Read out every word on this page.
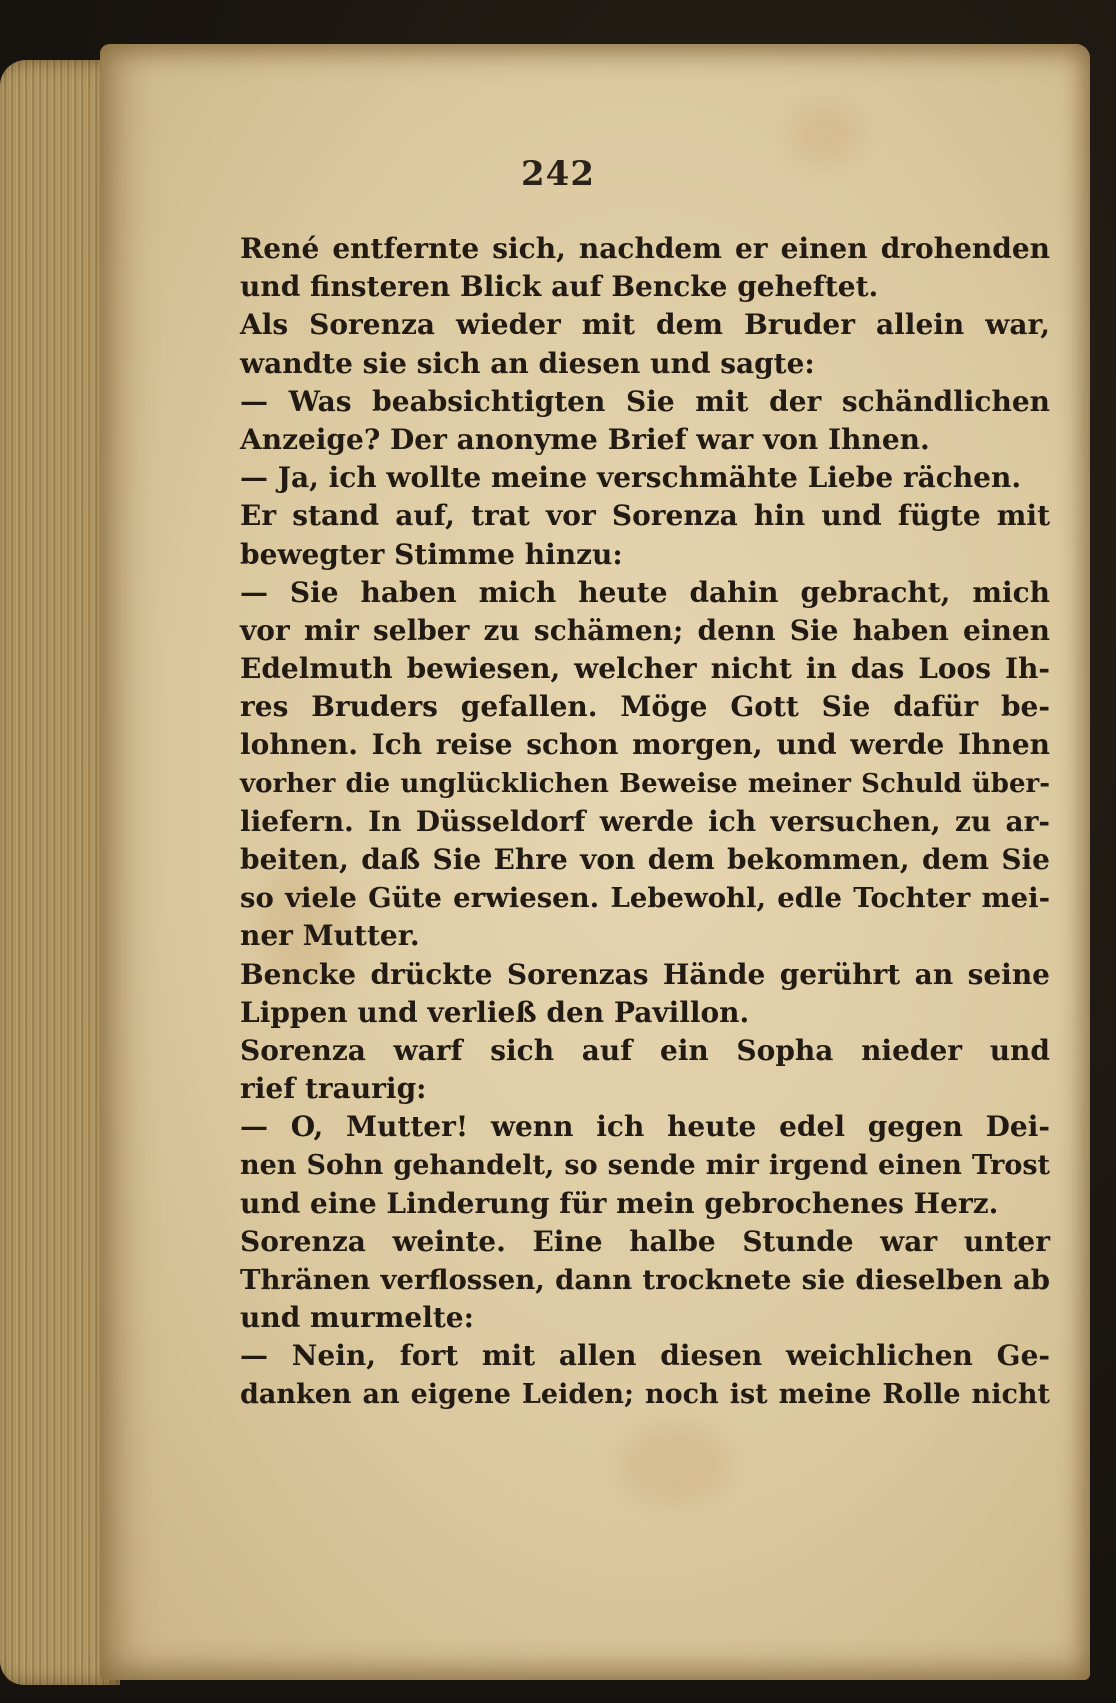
242
René entfernte sich, nachdem er einen drohenden
und finsteren Blick auf Bencke geheftet.
Als Sorenza wieder mit dem Bruder allein war,
wandte sie sich an diesen und sagte:
— Was beabsichtigten Sie mit der schändlichen
Anzeige? Der anonyme Brief war von Ihnen.
— Ja, ich wollte meine verschmähte Liebe rächen.
Er stand auf, trat vor Sorenza hin und fügte mit
bewegter Stimme hinzu:
— Sie haben mich heute dahin gebracht, mich
vor mir selber zu schämen; denn Sie haben einen
Edelmuth bewiesen, welcher nicht in das Loos Ih-
res Bruders gefallen. Möge Gott Sie dafür be-
lohnen. Ich reise schon morgen, und werde Ihnen
vorher die unglücklichen Beweise meiner Schuld über-
liefern. In Düsseldorf werde ich versuchen, zu ar-
beiten, daß Sie Ehre von dem bekommen, dem Sie
so viele Güte erwiesen. Lebewohl, edle Tochter mei-
ner Mutter.
Bencke drückte Sorenzas Hände gerührt an seine
Lippen und verließ den Pavillon.
Sorenza warf sich auf ein Sopha nieder und
rief traurig:
— O, Mutter! wenn ich heute edel gegen Dei-
nen Sohn gehandelt, so sende mir irgend einen Trost
und eine Linderung für mein gebrochenes Herz.
Sorenza weinte. Eine halbe Stunde war unter
Thränen verflossen, dann trocknete sie dieselben ab
und murmelte:
— Nein, fort mit allen diesen weichlichen Ge-
danken an eigene Leiden; noch ist meine Rolle nicht
